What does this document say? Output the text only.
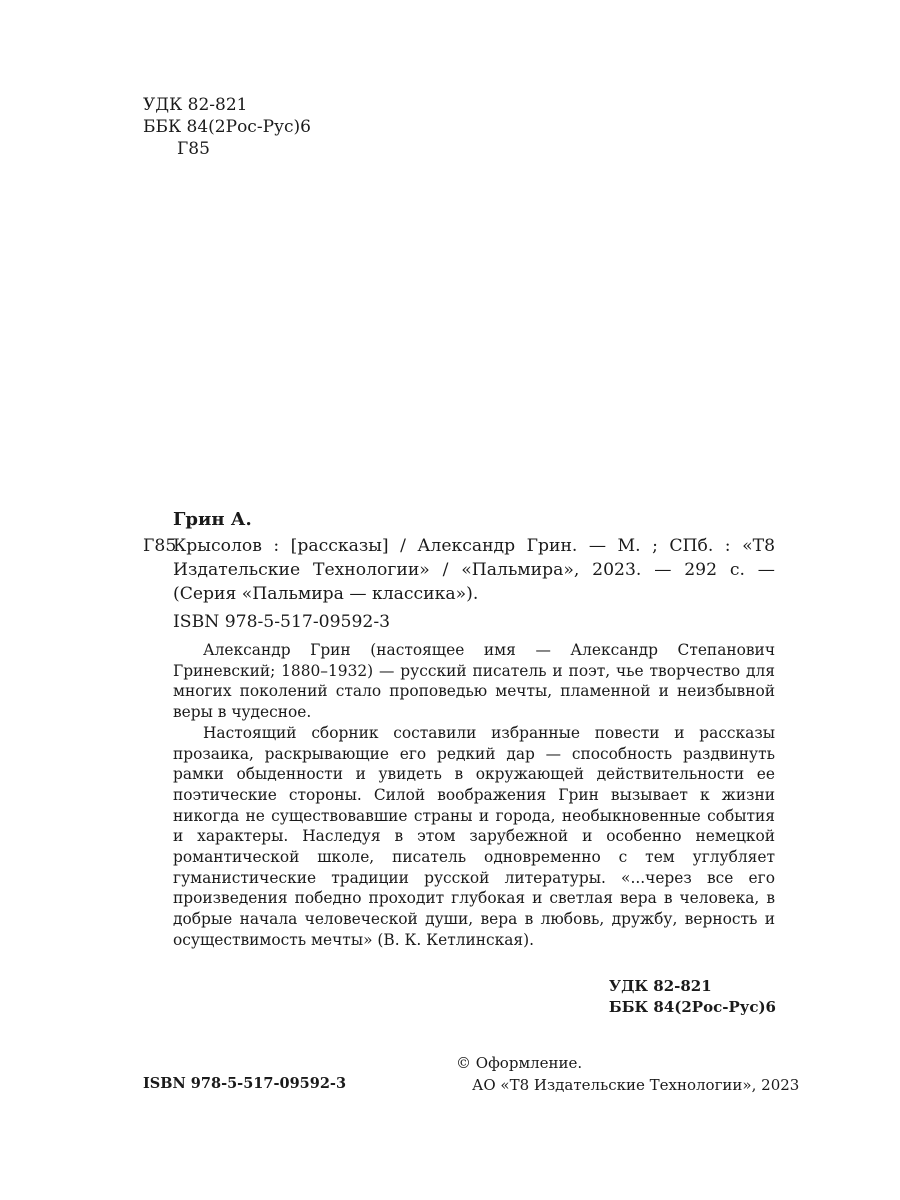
УДК 82-821
ББК 84(2Рос-Рус)6
Г85
Грин А.
Г85
Крысолов : [рассказы] / Александр Грин. — М. ; СПб. : «Т8 Издательские Технологии» / «Пальмира», 2023. — 292 с. — (Серия «Пальмира — классика»).
ISBN 978-5-517-09592-3

Александр Грин (настоящее имя — Александр Степанович Гриневский; 1880–1932) — русский писатель и поэт, чье творчество для многих поколений стало проповедью мечты, пламенной и неизбывной веры в чудесное.

Настоящий сборник составили избранные повести и рассказы прозаика, раскрывающие его редкий дар — способность раздвинуть рамки обыденности и увидеть в окружающей действительности ее поэтические стороны. Силой воображения Грин вызывает к жизни никогда не существовавшие страны и города, необыкновенные события и характеры. Наследуя в этом зарубежной и особенно немецкой романтической школе, писатель одновременно с тем углубляет гуманистические традиции русской литературы. «...через все его произведения победно проходит глубокая и светлая вера в человека, в добрые начала человеческой души, вера в любовь, дружбу, верность и осуществимость мечты» (В. К. Кетлинская).

УДК 82-821
ББК 84(2Рос-Рус)6
© Оформление.
АО «Т8 Издательские Технологии», 2023
ISBN 978-5-517-09592-3
